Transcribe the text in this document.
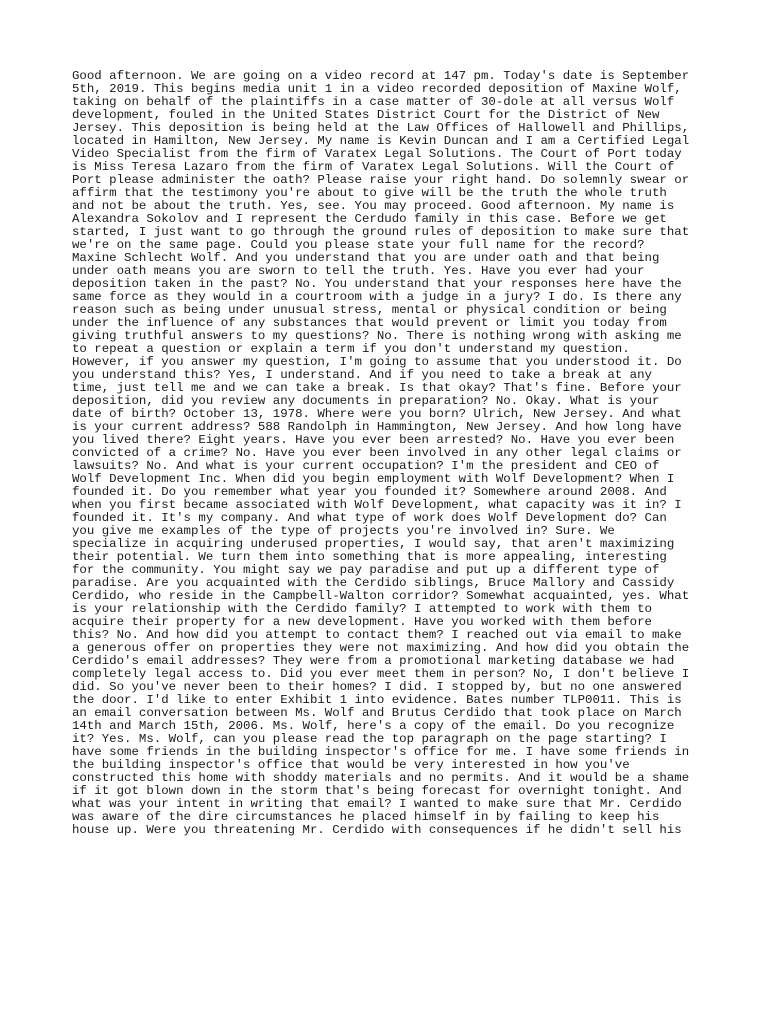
Good afternoon. We are going on a video record at 147 pm. Today's date is September
5th, 2019. This begins media unit 1 in a video recorded deposition of Maxine Wolf,
taking on behalf of the plaintiffs in a case matter of 30-dole at all versus Wolf
development, fouled in the United States District Court for the District of New
Jersey. This deposition is being held at the Law Offices of Hallowell and Phillips,
located in Hamilton, New Jersey. My name is Kevin Duncan and I am a Certified Legal
Video Specialist from the firm of Varatex Legal Solutions. The Court of Port today
is Miss Teresa Lazaro from the firm of Varatex Legal Solutions. Will the Court of
Port please administer the oath? Please raise your right hand. Do solemnly swear or
affirm that the testimony you're about to give will be the truth the whole truth
and not be about the truth. Yes, see. You may proceed. Good afternoon. My name is
Alexandra Sokolov and I represent the Cerdudo family in this case. Before we get
started, I just want to go through the ground rules of deposition to make sure that
we're on the same page. Could you please state your full name for the record?
Maxine Schlecht Wolf. And you understand that you are under oath and that being
under oath means you are sworn to tell the truth. Yes. Have you ever had your
deposition taken in the past? No. You understand that your responses here have the
same force as they would in a courtroom with a judge in a jury? I do. Is there any
reason such as being under unusual stress, mental or physical condition or being
under the influence of any substances that would prevent or limit you today from
giving truthful answers to my questions? No. There is nothing wrong with asking me
to repeat a question or explain a term if you don't understand my question.
However, if you answer my question, I'm going to assume that you understood it. Do
you understand this? Yes, I understand. And if you need to take a break at any
time, just tell me and we can take a break. Is that okay? That's fine. Before your
deposition, did you review any documents in preparation? No. Okay. What is your
date of birth? October 13, 1978. Where were you born? Ulrich, New Jersey. And what
is your current address? 588 Randolph in Hammington, New Jersey. And how long have
you lived there? Eight years. Have you ever been arrested? No. Have you ever been
convicted of a crime? No. Have you ever been involved in any other legal claims or
lawsuits? No. And what is your current occupation? I'm the president and CEO of
Wolf Development Inc. When did you begin employment with Wolf Development? When I
founded it. Do you remember what year you founded it? Somewhere around 2008. And
when you first became associated with Wolf Development, what capacity was it in? I
founded it. It's my company. And what type of work does Wolf Development do? Can
you give me examples of the type of projects you're involved in? Sure. We
specialize in acquiring underused properties, I would say, that aren't maximizing
their potential. We turn them into something that is more appealing, interesting
for the community. You might say we pay paradise and put up a different type of
paradise. Are you acquainted with the Cerdido siblings, Bruce Mallory and Cassidy
Cerdido, who reside in the Campbell-Walton corridor? Somewhat acquainted, yes. What
is your relationship with the Cerdido family? I attempted to work with them to
acquire their property for a new development. Have you worked with them before
this? No. And how did you attempt to contact them? I reached out via email to make
a generous offer on properties they were not maximizing. And how did you obtain the
Cerdido's email addresses? They were from a promotional marketing database we had
completely legal access to. Did you ever meet them in person? No, I don't believe I
did. So you've never been to their homes? I did. I stopped by, but no one answered
the door. I'd like to enter Exhibit 1 into evidence. Bates number TLP0011. This is
an email conversation between Ms. Wolf and Brutus Cerdido that took place on March
14th and March 15th, 2006. Ms. Wolf, here's a copy of the email. Do you recognize
it? Yes. Ms. Wolf, can you please read the top paragraph on the page starting? I
have some friends in the building inspector's office for me. I have some friends in
the building inspector's office that would be very interested in how you've
constructed this home with shoddy materials and no permits. And it would be a shame
if it got blown down in the storm that's being forecast for overnight tonight. And
what was your intent in writing that email? I wanted to make sure that Mr. Cerdido
was aware of the dire circumstances he placed himself in by failing to keep his
house up. Were you threatening Mr. Cerdido with consequences if he didn't sell his
